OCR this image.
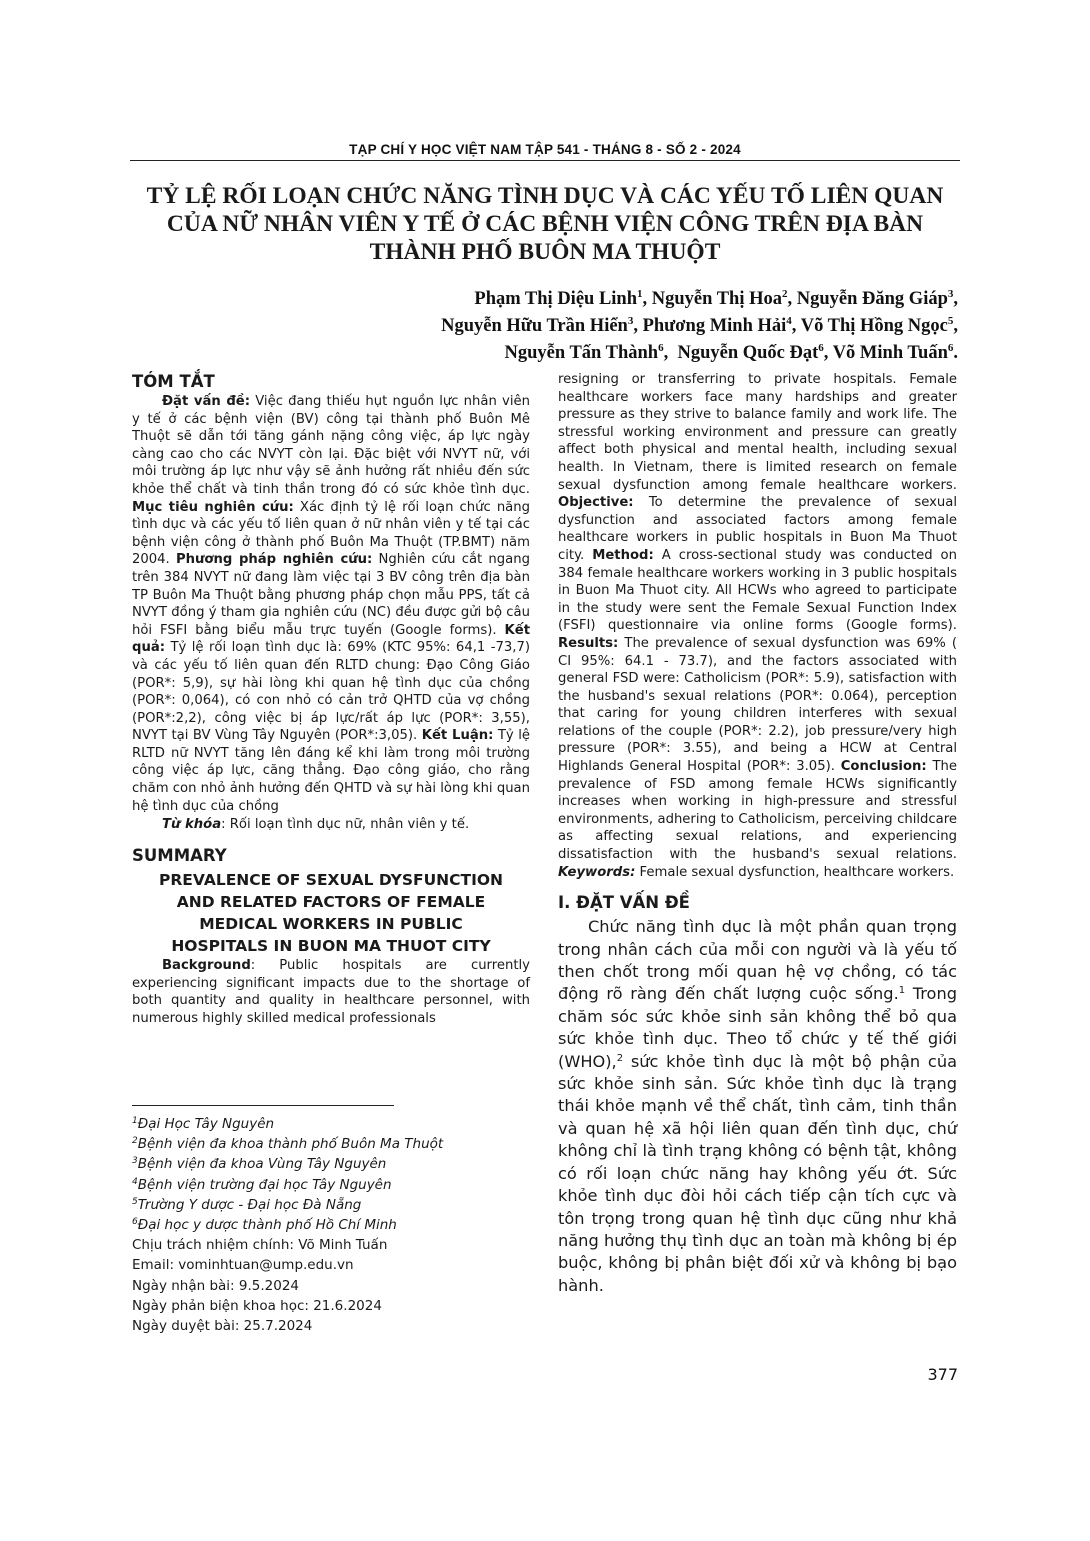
TẠP CHÍ Y HỌC VIỆT NAM TẬP 541 - THÁNG 8 - SỐ 2 - 2024
TỶ LỆ RỐI LOẠN CHỨC NĂNG TÌNH DỤC VÀ CÁC YẾU TỐ LIÊN QUAN
CỦA NỮ NHÂN VIÊN Y TẾ Ở CÁC BỆNH VIỆN CÔNG TRÊN ĐỊA BÀN
THÀNH PHỐ BUÔN MA THUỘT
Phạm Thị Diệu Linh$^1$, Nguyễn Thị Hoa$^2$, Nguyễn Đăng Giáp$^3$,
Nguyễn Hữu Trần Hiển$^3$, Phương Minh Hải$^4$, Võ Thị Hồng Ngọc$^5$,
Nguyễn Tấn Thành$^6$,  Nguyễn Quốc Đạt$^6$, Võ Minh Tuấn$^6$.
TÓM TẮT

Đặt vấn đề: Việc đang thiếu hụt nguồn lực nhân viên y tế ở các bệnh viện (BV) công tại thành phố Buôn Mê Thuột sẽ dẫn tới tăng gánh nặng công việc, áp lực ngày càng cao cho các NVYT còn lại. Đặc biệt với NVYT nữ, với môi trường áp lực như vậy sẽ ảnh hưởng rất nhiều đến sức khỏe thể chất và tinh thần trong đó có sức khỏe tình dục. Mục tiêu nghiên cứu: Xác định tỷ lệ rối loạn chức năng tình dục và các yếu tố liên quan ở nữ nhân viên y tế tại các bệnh viện công ở thành phố Buôn Ma Thuột (TP.BMT) năm 2004. Phương pháp nghiên cứu: Nghiên cứu cắt ngang trên 384 NVYT nữ đang làm việc tại 3 BV công trên địa bàn TP Buôn Ma Thuột bằng phương pháp chọn mẫu PPS, tất cả NVYT đồng ý tham gia nghiên cứu (NC) đều được gửi bộ câu hỏi FSFI bằng biểu mẫu trực tuyến (Google forms). Kết quả: Tỷ lệ rối loạn tình dục là: 69% (KTC 95%: 64,1 -73,7) và các yếu tố liên quan đến RLTD chung: Đạo Công Giáo (POR*: 5,9), sự hài lòng khi quan hệ tình dục của chồng (POR*: 0,064), có con nhỏ có cản trở QHTD của vợ chồng (POR*:2,2), công việc bị áp lực/rất áp lực (POR*: 3,55), NVYT tại BV Vùng Tây Nguyên (POR*:3,05). Kết Luận: Tỷ lệ RLTD nữ NVYT tăng lên đáng kể khi làm trong môi trường công việc áp lực, căng thẳng. Đạo công giáo, cho rằng chăm con nhỏ ảnh hưởng đến QHTD và sự hài lòng khi quan hệ tình dục của chồng

Từ khóa: Rối loạn tình dục nữ, nhân viên y tế.

SUMMARY
PREVALENCE OF SEXUAL DYSFUNCTION
AND RELATED FACTORS OF FEMALE
MEDICAL WORKERS IN PUBLIC
HOSPITALS IN BUON MA THUOT CITY

Background: Public hospitals are currently experiencing significant impacts due to the shortage of both quantity and quality in healthcare personnel, with numerous highly skilled medical professionals

$^1$Đại Học Tây Nguyên
$^2$Bệnh viện đa khoa thành phố Buôn Ma Thuột
$^3$Bệnh viện đa khoa Vùng Tây Nguyên
$^4$Bệnh viện trường đại học Tây Nguyên
$^5$Trường Y dược - Đại học Đà Nẵng
$^6$Đại học y dược thành phố Hồ Chí Minh
Chịu trách nhiệm chính: Võ Minh Tuấn
Email: vominhtuan@ump.edu.vn
Ngày nhận bài: 9.5.2024
Ngày phản biện khoa học: 21.6.2024
Ngày duyệt bài: 25.7.2024

resigning or transferring to private hospitals. Female healthcare workers face many hardships and greater pressure as they strive to balance family and work life. The stressful working environment and pressure can greatly affect both physical and mental health, including sexual health. In Vietnam, there is limited research on female sexual dysfunction among female healthcare workers. Objective: To determine the prevalence of sexual dysfunction and associated factors among female healthcare workers in public hospitals in Buon Ma Thuot city. Method: A cross-sectional study was conducted on 384 female healthcare workers working in 3 public hospitals in Buon Ma Thuot city. All HCWs who agreed to participate in the study were sent the Female Sexual Function Index (FSFI) questionnaire via online forms (Google forms). Results: The prevalence of sexual dysfunction was 69% ( CI 95%: 64.1 - 73.7), and the factors associated with general FSD were: Catholicism (POR*: 5.9), satisfaction with the husband's sexual relations (POR*: 0.064), perception that caring for young children interferes with sexual relations of the couple (POR*: 2.2), job pressure/very high pressure (POR*: 3.55), and being a HCW at Central Highlands General Hospital (POR*: 3.05). Conclusion: The prevalence of FSD among female HCWs significantly increases when working in high-pressure and stressful environments, adhering to Catholicism, perceiving childcare as affecting sexual relations, and experiencing dissatisfaction with the husband's sexual relations. Keywords: Female sexual dysfunction, healthcare workers.

I. ĐẶT VẤN ĐỀ

Chức năng tình dục là một phần quan trọng trong nhân cách của mỗi con người và là yếu tố then chốt trong mối quan hệ vợ chồng, có tác động rõ ràng đến chất lượng cuộc sống.$^1$ Trong chăm sóc sức khỏe sinh sản không thể bỏ qua sức khỏe tình dục. Theo tổ chức y tế thế giới (WHO),$^2$ sức khỏe tình dục là một bộ phận của sức khỏe sinh sản. Sức khỏe tình dục là trạng thái khỏe mạnh về thể chất, tình cảm, tinh thần và quan hệ xã hội liên quan đến tình dục, chứ không chỉ là tình trạng không có bệnh tật, không có rối loạn chức năng hay không yếu ớt. Sức khỏe tình dục đòi hỏi cách tiếp cận tích cực và tôn trọng trong quan hệ tình dục cũng như khả năng hưởng thụ tình dục an toàn mà không bị ép buộc, không bị phân biệt đối xử và không bị bạo hành.

377
